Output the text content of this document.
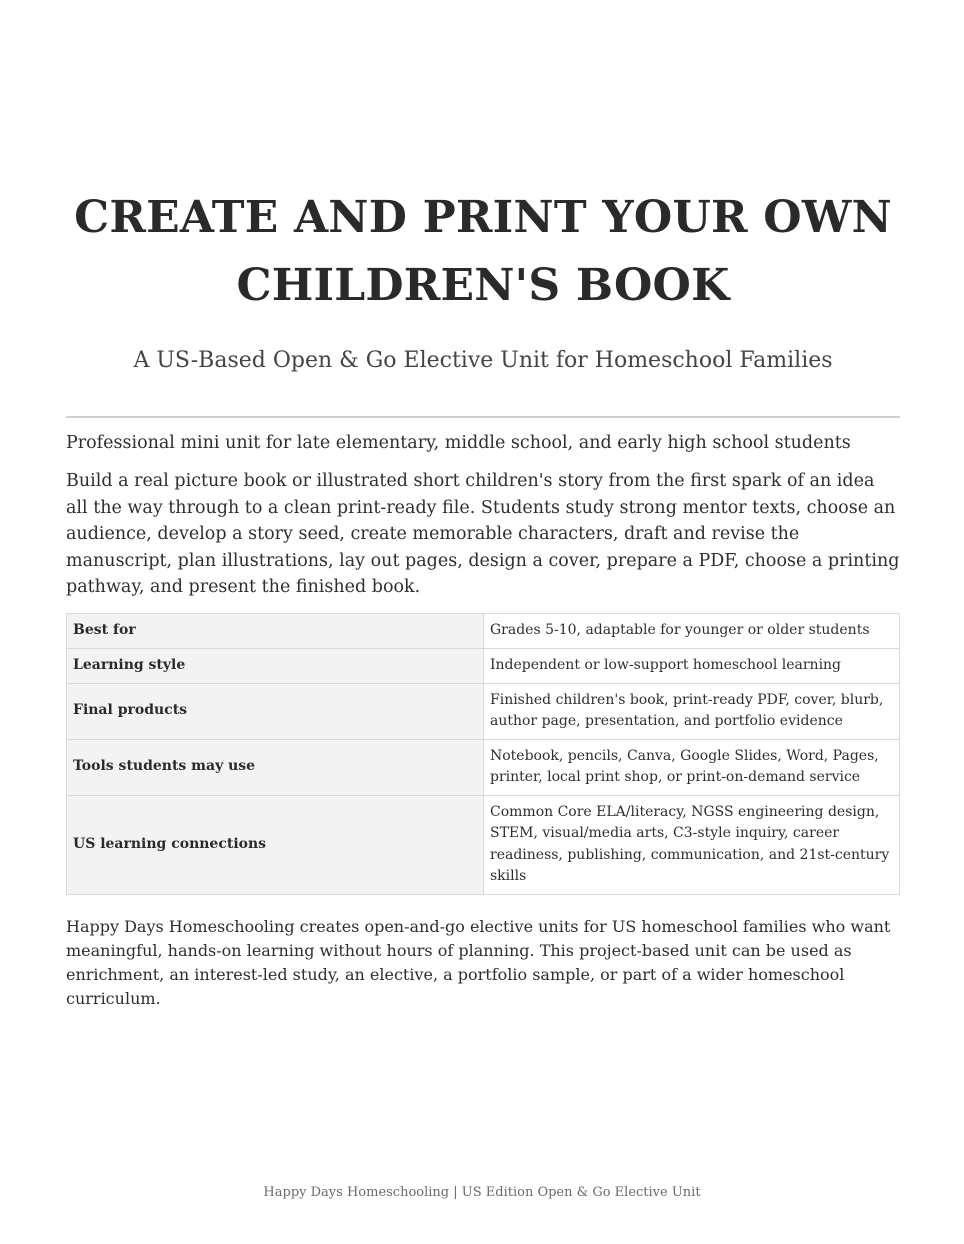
CREATE AND PRINT YOUR OWN
CHILDREN'S BOOK
A US-Based Open & Go Elective Unit for Homeschool Families

Professional mini unit for late elementary, middle school, and early high school students

Build a real picture book or illustrated short children's story from the first spark of an idea all the way through to a clean print-ready file. Students study strong mentor texts, choose an audience, develop a story seed, create memorable characters, draft and revise the manuscript, plan illustrations, lay out pages, design a cover, prepare a PDF, choose a printing pathway, and present the finished book.

Best for	Grades 5-10, adaptable for younger or older students
Learning style	Independent or low-support homeschool learning
Final products	Finished children's book, print-ready PDF, cover, blurb, author page, presentation, and portfolio evidence
Tools students may use	Notebook, pencils, Canva, Google Slides, Word, Pages, printer, local print shop, or print-on-demand service
US learning connections	Common Core ELA/literacy, NGSS engineering design, STEM, visual/media arts, C3-style inquiry, career readiness, publishing, communication, and 21st-century skills

Happy Days Homeschooling creates open-and-go elective units for US homeschool families who want meaningful, hands-on learning without hours of planning. This project-based unit can be used as enrichment, an interest-led study, an elective, a portfolio sample, or part of a wider homeschool curriculum.

Happy Days Homeschooling | US Edition Open & Go Elective Unit
